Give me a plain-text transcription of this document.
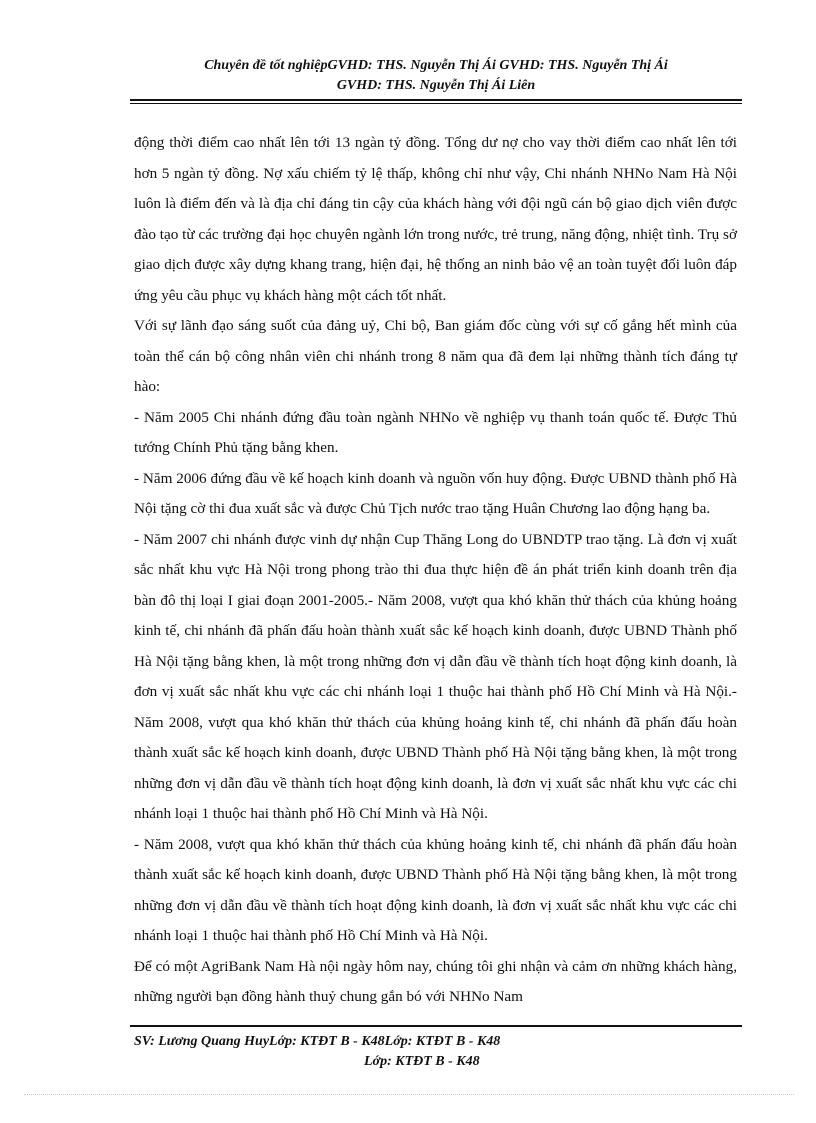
Chuyên đề tốt nghiệpGVHD: THS. Nguyễn Thị Ái GVHD: THS. Nguyễn Thị Ái
GVHD: THS. Nguyễn Thị Ái Liên

động thời điểm cao nhất lên tới 13 ngàn tỷ đồng. Tổng dư nợ cho vay thời điểm cao nhất lên tới hơn 5 ngàn tỷ đồng. Nợ xấu chiếm tỷ lệ thấp, không chỉ như vậy, Chi nhánh NHNo Nam Hà Nội luôn là điểm đến và là địa chỉ đáng tin cậy của khách hàng với đội ngũ cán bộ giao dịch viên được đào tạo từ các trường đại học chuyên ngành lớn trong nước, trẻ trung, năng động, nhiệt tình. Trụ sở giao dịch được xây dựng khang trang, hiện đại, hệ thống an ninh bảo vệ an toàn tuyệt đối luôn đáp ứng yêu cầu phục vụ khách hàng một cách tốt nhất.

Với sự lãnh đạo sáng suốt của đảng uỷ, Chi bộ, Ban giám đốc cùng với sự cố gắng hết mình của toàn thể cán bộ công nhân viên chi nhánh trong 8 năm qua đã đem lại những thành tích đáng tự hào:

- Năm 2005 Chi nhánh đứng đầu toàn ngành NHNo về nghiệp vụ thanh toán quốc tế. Được Thủ tướng Chính Phủ tặng bằng khen.

- Năm 2006 đứng đầu về kế hoạch kinh doanh và nguồn vốn huy động. Được UBND thành phố Hà Nội tặng cờ thi đua xuất sắc và được Chủ Tịch nước trao tặng Huân Chương lao động hạng ba.

- Năm 2007 chi nhánh được vinh dự nhận Cup Thăng Long do UBNDTP trao tặng. Là đơn vị xuất sắc nhất khu vực Hà Nội trong phong trào thi đua thực hiện đề án phát triển kinh doanh trên địa bàn đô thị loại I giai đoạn 2001-2005.- Năm 2008, vượt qua khó khăn thử thách của khủng hoảng kinh tế, chi nhánh đã phấn đấu hoàn thành xuất sắc kế hoạch kinh doanh, được UBND Thành phố Hà Nội tặng bằng khen, là một trong những đơn vị dẫn đầu về thành tích hoạt động kinh doanh, là đơn vị xuất sắc nhất khu vực các chi nhánh loại 1 thuộc hai thành phố Hồ Chí Minh và Hà Nội.- Năm 2008, vượt qua khó khăn thử thách của khủng hoảng kinh tế, chi nhánh đã phấn đấu hoàn thành xuất sắc kế hoạch kinh doanh, được UBND Thành phố Hà Nội tặng bằng khen, là một trong những đơn vị dẫn đầu về thành tích hoạt động kinh doanh, là đơn vị xuất sắc nhất khu vực các chi nhánh loại 1 thuộc hai thành phố Hồ Chí Minh và Hà Nội.

- Năm 2008, vượt qua khó khăn thử thách của khủng hoảng kinh tế, chi nhánh đã phấn đấu hoàn thành xuất sắc kế hoạch kinh doanh, được UBND Thành phố Hà Nội tặng bằng khen, là một trong những đơn vị dẫn đầu về thành tích hoạt động kinh doanh, là đơn vị xuất sắc nhất khu vực các chi nhánh loại 1 thuộc hai thành phố Hồ Chí Minh và Hà Nội.

Để có một AgriBank Nam Hà nội ngày hôm nay, chúng tôi ghi nhận và cảm ơn những khách hàng, những người bạn đồng hành thuỷ chung gắn bó với NHNo Nam

SV: Lương Quang HuyLớp: KTĐT B - K48Lớp: KTĐT B - K48
Lớp: KTĐT B - K48
